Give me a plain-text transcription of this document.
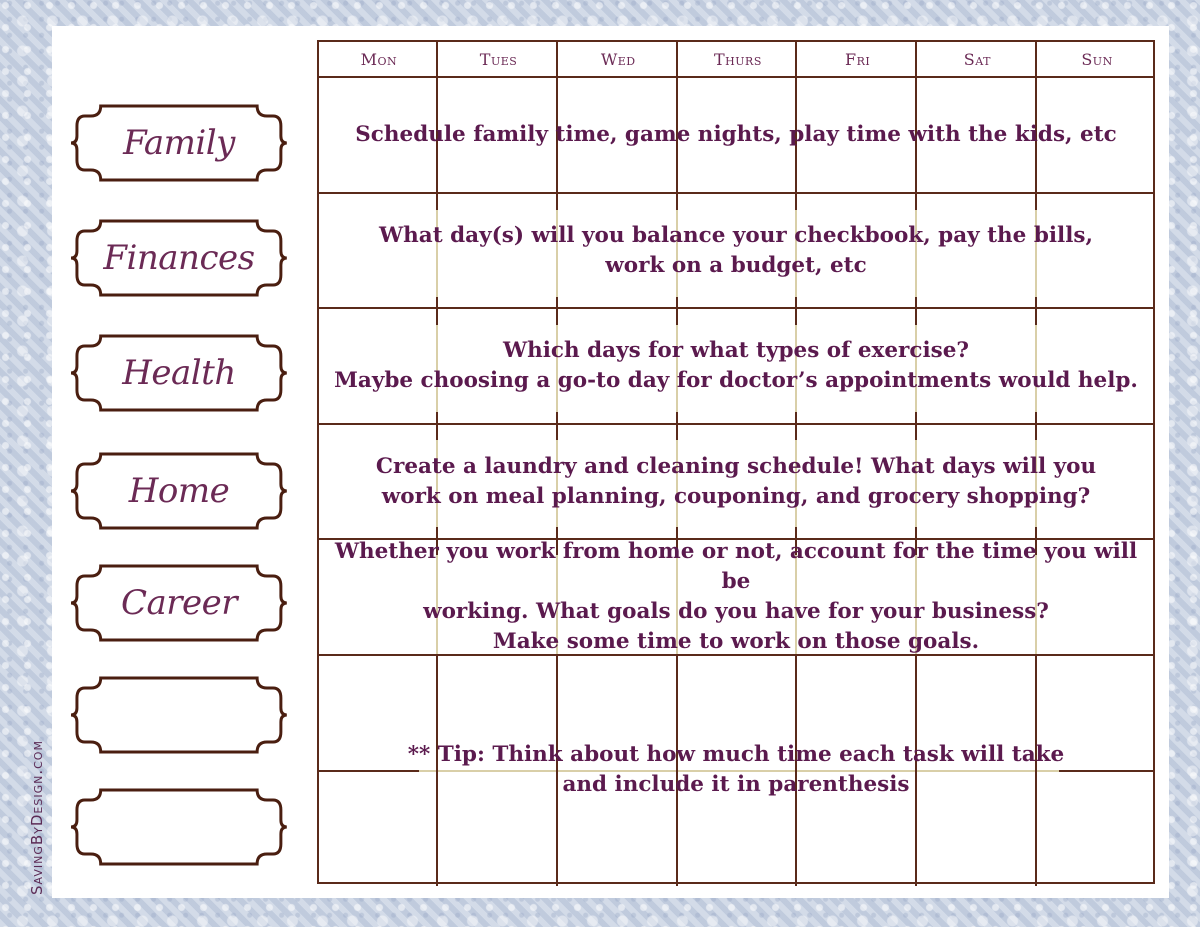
Mon	Tues	Wed	Thurs	Fri	Sat	Sun
Schedule family time, game nights, play time with the kids, etc
What day(s) will you balance your checkbook, pay the bills,
work on a budget, etc
Which days for what types of exercise?
Maybe choosing a go-to day for doctor’s appointments would help.
Create a laundry and cleaning schedule! What days will you
work on meal planning, couponing, and grocery shopping?
Whether you work from home or not, account for the time you will be
working. What goals do you have for your business?
Make some time to work on those goals.
** Tip: Think about how much time each task will take
and include it in parenthesis
Family
Finances
Health
Home
Career
SavingByDesign.com
